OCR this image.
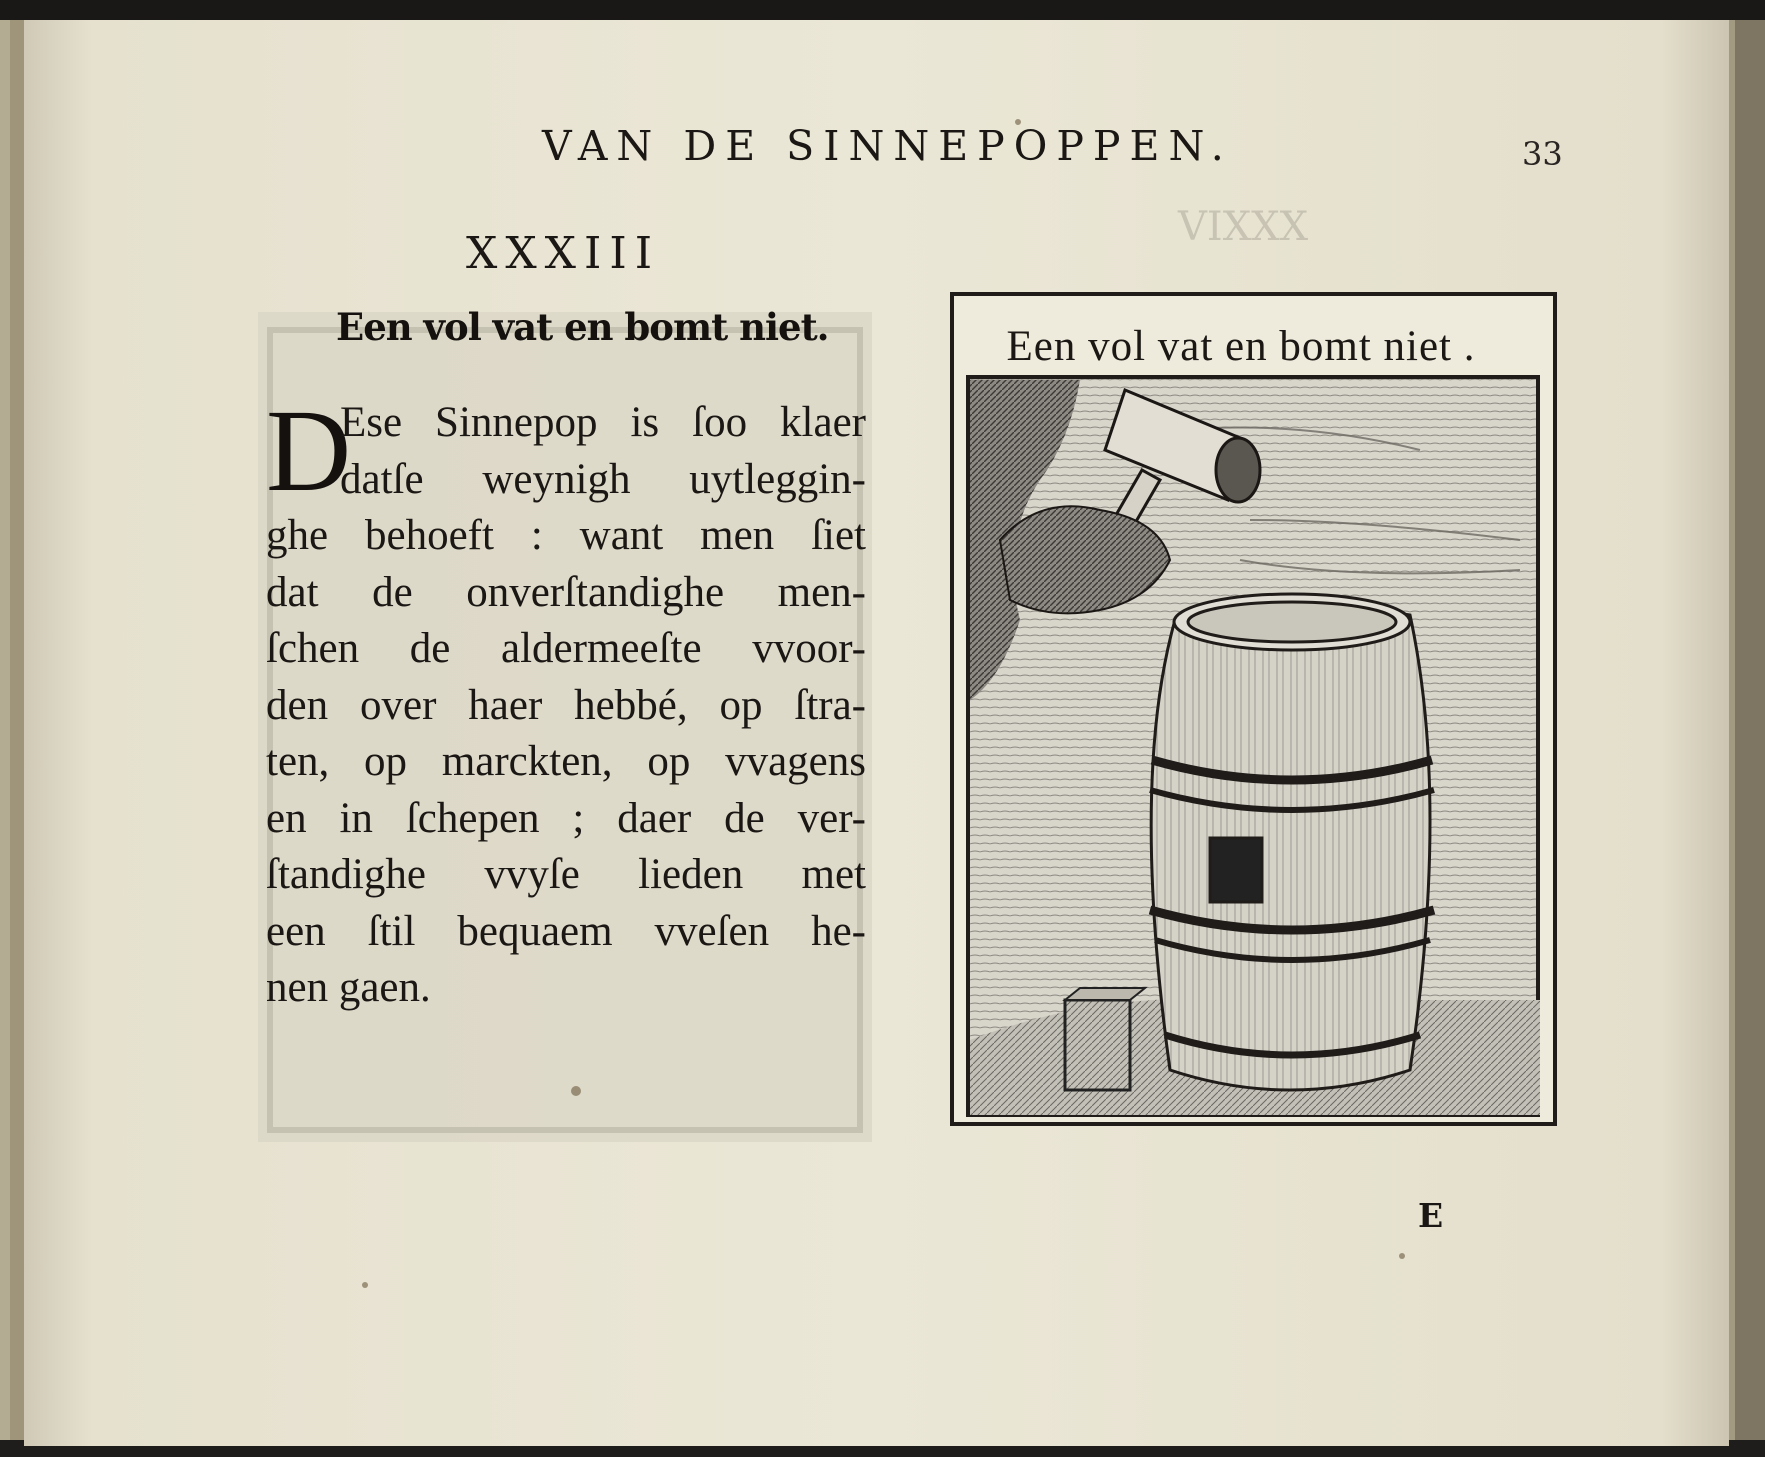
VIXXX
VAN DE SINNEPOPPEN.	33
XXXIII
Een vol vat en bomt niet.
D
Ese Sinnepop is ſoo klaer
datſe weynigh uytleggin-
ghe behoeft : want men ſiet
dat de onverſtandighe men-
ſchen de aldermeeſte vvoor-
den over haer hebbé, op ſtra-
ten, op marckten, op vvagens
en in ſchepen ; daer de ver-
ſtandighe vvyſe lieden met
een ſtil bequaem vveſen he-
nen gaen.
Een vol vat en bomt niet .
E
